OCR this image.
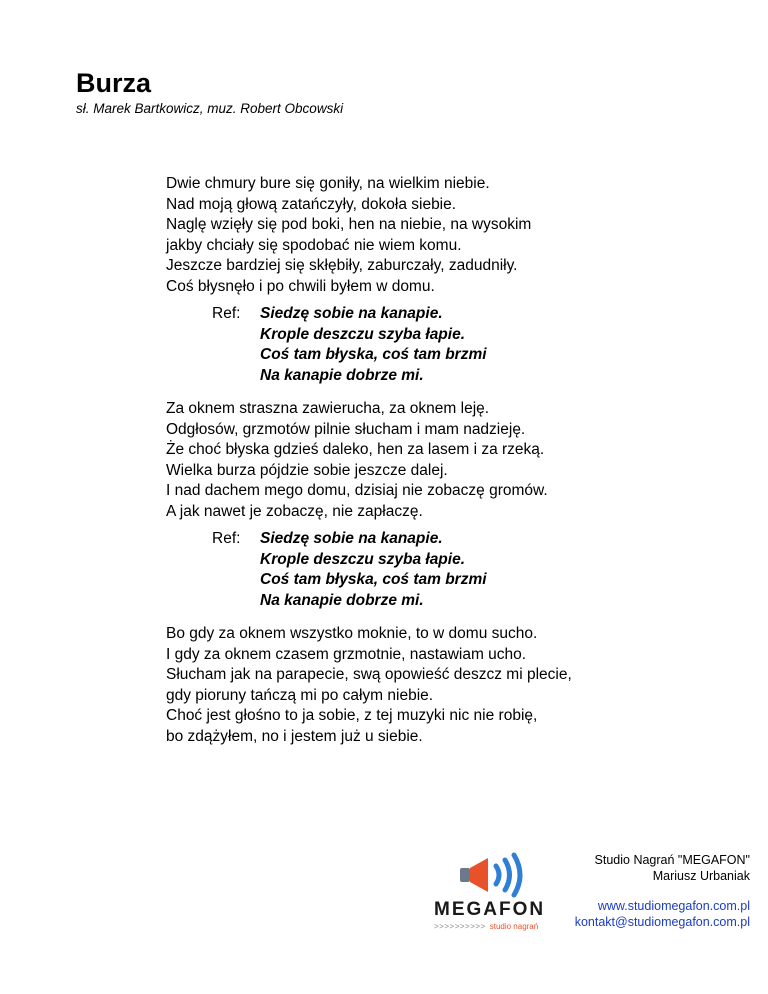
Burza
sł. Marek Bartkowicz, muz. Robert Obcowski
Dwie chmury bure się goniły, na wielkim niebie.
Nad moją głową zatańczyły, dokoła siebie.
Naglę wzięły się pod boki, hen na niebie, na wysokim
jakby chciały się spodobać nie wiem komu.
Jeszcze bardziej się skłębiły, zaburczały, zadudniły.
Coś błysnęło i po chwili byłem w domu.
Ref: Siedzę sobie na kanapie.
Krople deszczu szyba łapie.
Coś tam błyska, coś tam brzmi
Na kanapie dobrze mi.
Za oknem straszna zawierucha, za oknem leję.
Odgłosów, grzmotów pilnie słucham i mam nadzieję.
Że choć błyska gdzieś daleko, hen za lasem i za rzeką.
Wielka burza pójdzie sobie jeszcze dalej.
I nad dachem mego domu, dzisiaj nie zobaczę gromów.
A jak nawet je zobaczę, nie zapłaczę.
Ref: Siedzę sobie na kanapie.
Krople deszczu szyba łapie.
Coś tam błyska, coś tam brzmi
Na kanapie dobrze mi.
Bo gdy za oknem wszystko moknie, to w domu sucho.
I gdy za oknem czasem grzmotnie, nastawiam ucho.
Słucham jak na parapecie, swą opowieść deszcz mi plecie,
gdy pioruny tańczą mi po całym niebie.
Choć jest głośno to ja sobie, z tej muzyki nic nie robię,
bo zdążyłem, no i jestem już u siebie.
MEGAFON
>>>>>>>>>> studio nagrań
Studio Nagrań "MEGAFON"
Mariusz Urbaniak
www.studiomegafon.com.pl
kontakt@studiomegafon.com.pl
